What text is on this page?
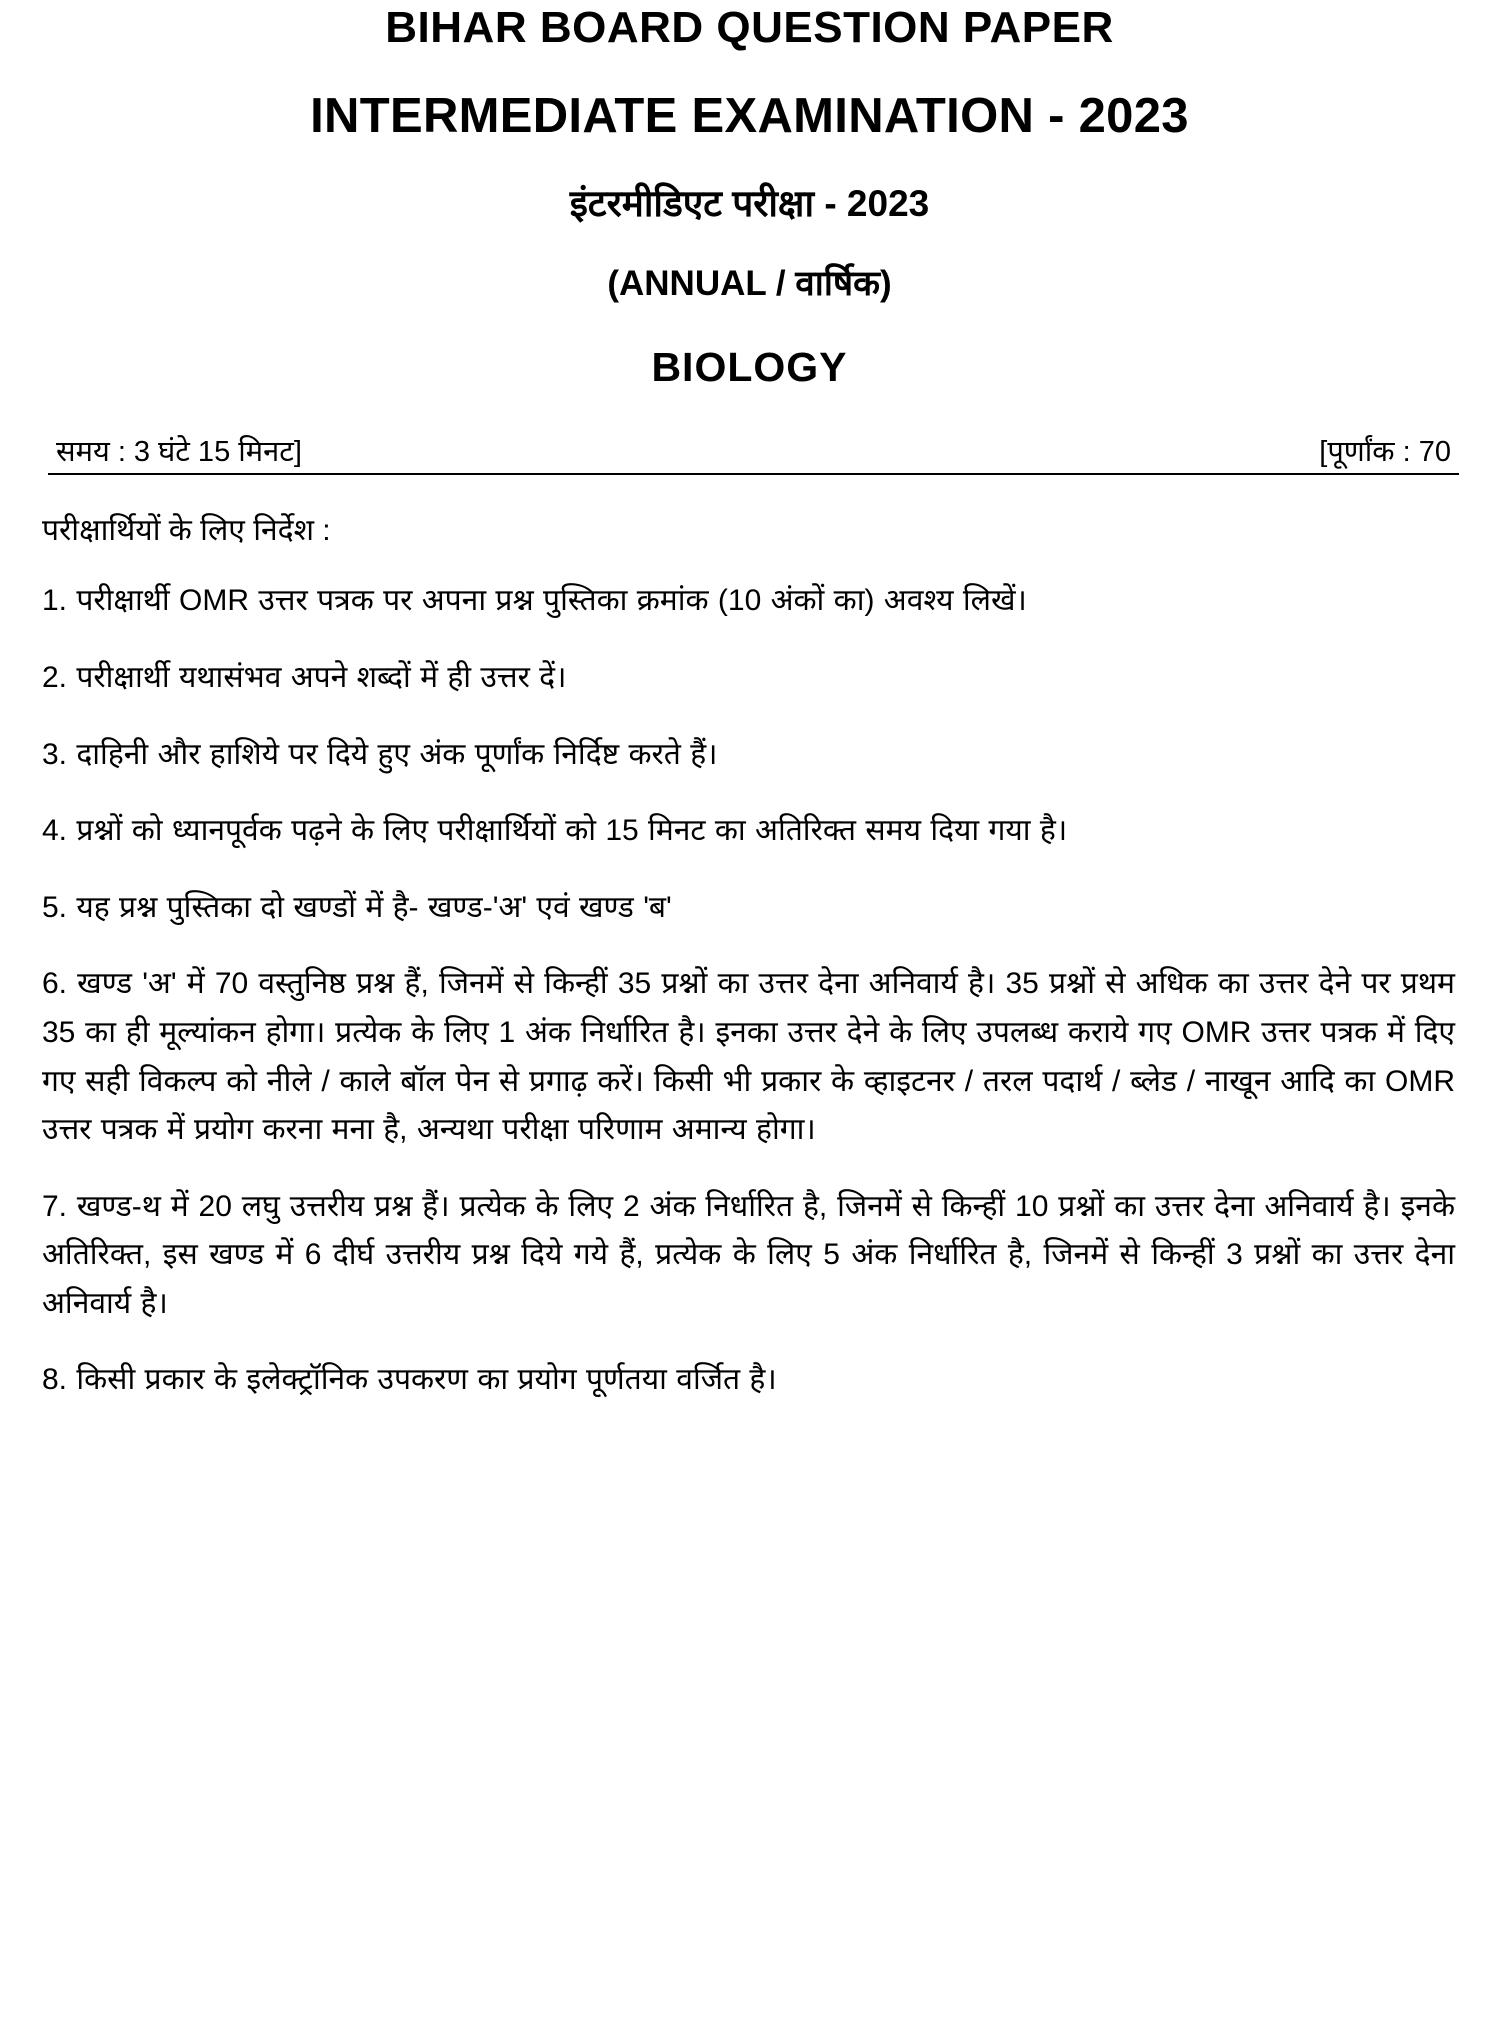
BIHAR BOARD QUESTION PAPER
INTERMEDIATE EXAMINATION - 2023
इंटरमीडिएट परीक्षा - 2023
(ANNUAL / वार्षिक)
BIOLOGY
समय : 3 घंटे 15 मिनट]	[पूर्णांक : 70
परीक्षार्थियों के लिए निर्देश :
1. परीक्षार्थी OMR उत्तर पत्रक पर अपना प्रश्न पुस्तिका क्रमांक (10 अंकों का) अवश्य लिखें।
2. परीक्षार्थी यथासंभव अपने शब्दों में ही उत्तर दें।
3. दाहिनी और हाशिये पर दिये हुए अंक पूर्णांक निर्दिष्ट करते हैं।
4. प्रश्नों को ध्यानपूर्वक पढ़ने के लिए परीक्षार्थियों को 15 मिनट का अतिरिक्त समय दिया गया है।
5. यह प्रश्न पुस्तिका दो खण्डों में है- खण्ड-'अ' एवं खण्ड 'ब'
6. खण्ड 'अ' में 70 वस्तुनिष्ठ प्रश्न हैं, जिनमें से किन्हीं 35 प्रश्नों का उत्तर देना अनिवार्य है। 35 प्रश्नों से अधिक का उत्तर देने पर प्रथम 35 का ही मूल्यांकन होगा। प्रत्येक के लिए 1 अंक निर्धारित है। इनका उत्तर देने के लिए उपलब्ध कराये गए OMR उत्तर पत्रक में दिए गए सही विकल्प को नीले / काले बॉल पेन से प्रगाढ़ करें। किसी भी प्रकार के व्हाइटनर / तरल पदार्थ / ब्लेड / नाखून आदि का OMR उत्तर पत्रक में प्रयोग करना मना है, अन्यथा परीक्षा परिणाम अमान्य होगा।
7. खण्ड-थ में 20 लघु उत्तरीय प्रश्न हैं। प्रत्येक के लिए 2 अंक निर्धारित है, जिनमें से किन्हीं 10 प्रश्नों का उत्तर देना अनिवार्य है। इनके अतिरिक्त, इस खण्ड में 6 दीर्घ उत्तरीय प्रश्न दिये गये हैं, प्रत्येक के लिए 5 अंक निर्धारित है, जिनमें से किन्हीं 3 प्रश्नों का उत्तर देना अनिवार्य है।
8. किसी प्रकार के इलेक्ट्रॉनिक उपकरण का प्रयोग पूर्णतया वर्जित है।
